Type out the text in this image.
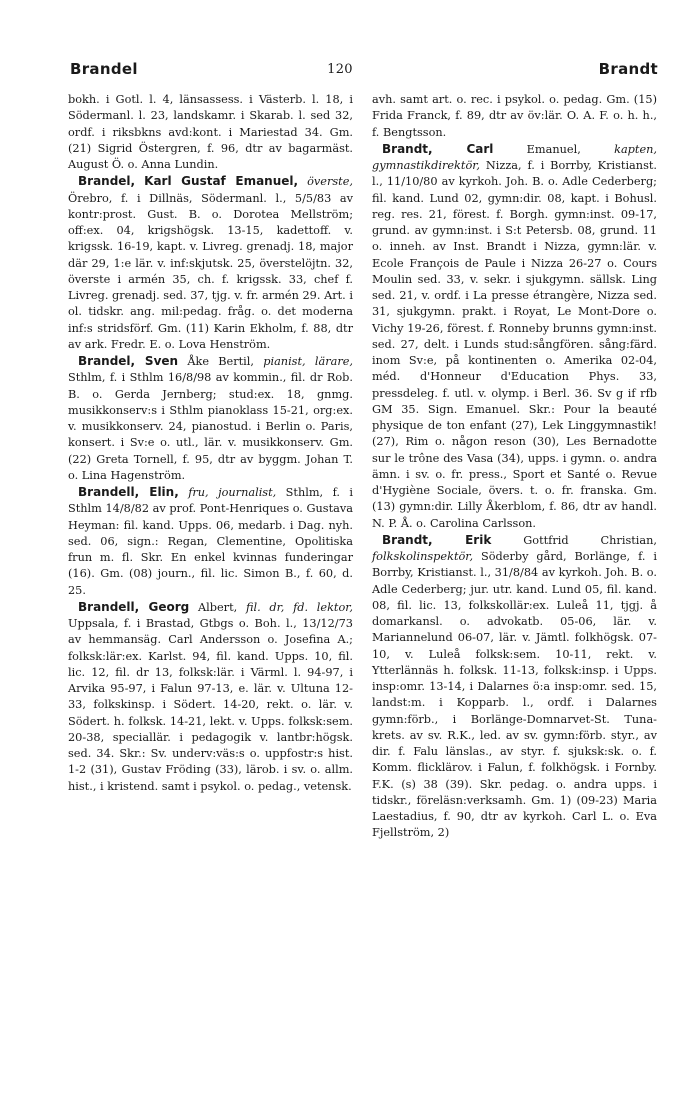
Brandel	120	Brandt

bokh. i Gotl. l. 4, länsassess. i Västerb. l. 18, i Södermanl. l. 23, landskamr. i Skarab. l. sed 32, ordf. i riksbkns avd:kont. i Mariestad 34. Gm. (21) Sigrid Östergren, f. 96, dtr av bagarmäst. August Ö. o. Anna Lundin.

Brandel, Karl Gustaf Emanuel, överste, Örebro, f. i Dillnäs, Södermanl. l., 5/5/83 av kontr:prost. Gust. B. o. Dorotea Mellström; off:ex. 04, krigshögsk. 13-15, kadettoff. v. krigssk. 16-19, kapt. v. Livreg. grenadj. 18, major där 29, 1:e lär. v. inf:skjutsk. 25, överstelöjtn. 32, överste i armén 35, ch. f. krigssk. 33, chef f. Livreg. grenadj. sed. 37, tjg. v. fr. armén 29. Art. i ol. tidskr. ang. mil:pedag. fråg. o. det moderna inf:s stridsförf. Gm. (11) Karin Ekholm, f. 88, dtr av ark. Fredr. E. o. Lova Henström.

Brandel, Sven Åke Bertil, pianist, lärare, Sthlm, f. i Sthlm 16/8/98 av kommin., fil. dr Rob. B. o. Gerda Jernberg; stud:ex. 18, gnmg. musikkonserv:s i Sthlm pianoklass 15-21, org:ex. v. musikkonserv. 24, pianostud. i Berlin o. Paris, konsert. i Sv:e o. utl., lär. v. musikkonserv. Gm. (22) Greta Tornell, f. 95, dtr av byggm. Johan T. o. Lina Hagenström.

Brandell, Elin, fru, journalist, Sthlm, f. i Sthlm 14/8/82 av prof. Pont-Henriques o. Gustava Heyman: fil. kand. Upps. 06, medarb. i Dag. nyh. sed. 06, sign.: Regan, Clementine, Opolitiska frun m. fl. Skr. En enkel kvinnas funderingar (16). Gm. (08) journ., fil. lic. Simon B., f. 60, d. 25.

Brandell, Georg Albert, fil. dr, fd. lektor, Uppsala, f. i Brastad, Gtbgs o. Boh. l., 13/12/73 av hemmansäg. Carl Andersson o. Josefina A.; folksk:lär:ex. Karlst. 94, fil. kand. Upps. 10, fil. lic. 12, fil. dr 13, folksk:lär. i Värml. l. 94-97, i Arvika 95-97, i Falun 97-13, e. lär. v. Ultuna 12-33, folkskinsp. i Södert. 14-20, rekt. o. lär. v. Södert. h. folksk. 14-21, lekt. v. Upps. folksk:sem. 20-38, speciallär. i pedagogik v. lantbr:högsk. sed. 34. Skr.: Sv. underv:väs:s o. uppfostr:s hist. 1-2 (31), Gustav Fröding (33), lärob. i sv. o. allm. hist., i kristend. samt i psykol. o. pedag., vetensk.

avh. samt art. o. rec. i psykol. o. pedag. Gm. (15) Frida Franck, f. 89, dtr av öv:lär. O. A. F. o. h. h., f. Bengtsson.

Brandt, Carl	Emanuel,	kapten, gymnastikdirektör, Nizza, f. i Borrby, Kristianst. l., 11/10/80 av kyrkoh. Joh. B. o. Adle Cederberg; fil. kand. Lund 02, gymn:dir. 08, kapt. i Bohusl. reg. res. 21, förest. f. Borgh. gymn:inst. 09-17, grund. av gymn:inst. i S:t Petersb. 08, grund. 11 o. inneh. av Inst. Brandt i Nizza, gymn:lär. v. Ecole François de Paule i Nizza 26-27 o. Cours Moulin sed. 33, v. sekr. i sjukgymn. sällsk. Ling sed. 21, v. ordf. i La presse étrangère, Nizza sed. 31, sjukgymn. prakt. i Royat, Le Mont-Dore o. Vichy 19-26, förest. f. Ronneby brunns gymn:inst. sed. 27, delt. i Lunds stud:sångfören. sång:färd. inom Sv:e, på kontinenten o. Amerika 02-04, méd. d'Honneur d'Education Phys. 33, pressdeleg. f. utl. v. olymp. i Berl. 36. Sv g if rfb GM 35. Sign. Emanuel. Skr.: Pour la beauté physique de ton enfant (27), Lek Linggymnastik! (27), Rim o. någon reson (30), Les Bernadotte sur le trône des Vasa (34), upps. i gymn. o. andra ämn. i sv. o. fr. press., Sport et Santé o. Revue d'Hygiène Sociale, övers. t. o. fr. franska. Gm. (13) gymn:dir. Lilly Åkerblom, f. 86, dtr av handl. N. P. Å. o. Carolina Carlsson.

Brandt, Erik	Gottfrid Christian, folkskolinspektör, Söderby gård, Borlänge, f. i Borrby, Kristianst. l., 31/8/84 av kyrkoh. Joh. B. o. Adle Cederberg; jur. utr. kand. Lund 05, fil. kand. 08, fil. lic. 13, folkskollär:ex. Luleå 11, tjgj. å domarkansl. o. advokatb. 05-06, lär. v. Mariannelund 06-07, lär. v. Jämtl. folkhögsk. 07-10, v. Luleå folksk:sem. 10-11, rekt. v. Ytterlännäs h. folksk. 11-13, folksk:insp. i Upps. insp:omr. 13-14, i Dalarnes ö:a insp:omr. sed. 15, landst:m. i Kopparb. l., ordf. i Dalarnes gymn:förb., i Borlänge-Domnarvet-St. Tuna-krets. av sv. R.K., led. av sv. gymn:förb. styr., av dir. f. Falu länslas., av styr. f. sjuksk:sk. o. f. Komm. flicklärov. i Falun, f. folkhögsk. i Fornby. F.K. (s) 38 (39). Skr. pedag. o. andra upps. i tidskr., föreläsn:verksamh. Gm. 1) (09-23) Maria Laestadius, f. 90, dtr av kyrkoh. Carl L. o. Eva Fjellström, 2)
